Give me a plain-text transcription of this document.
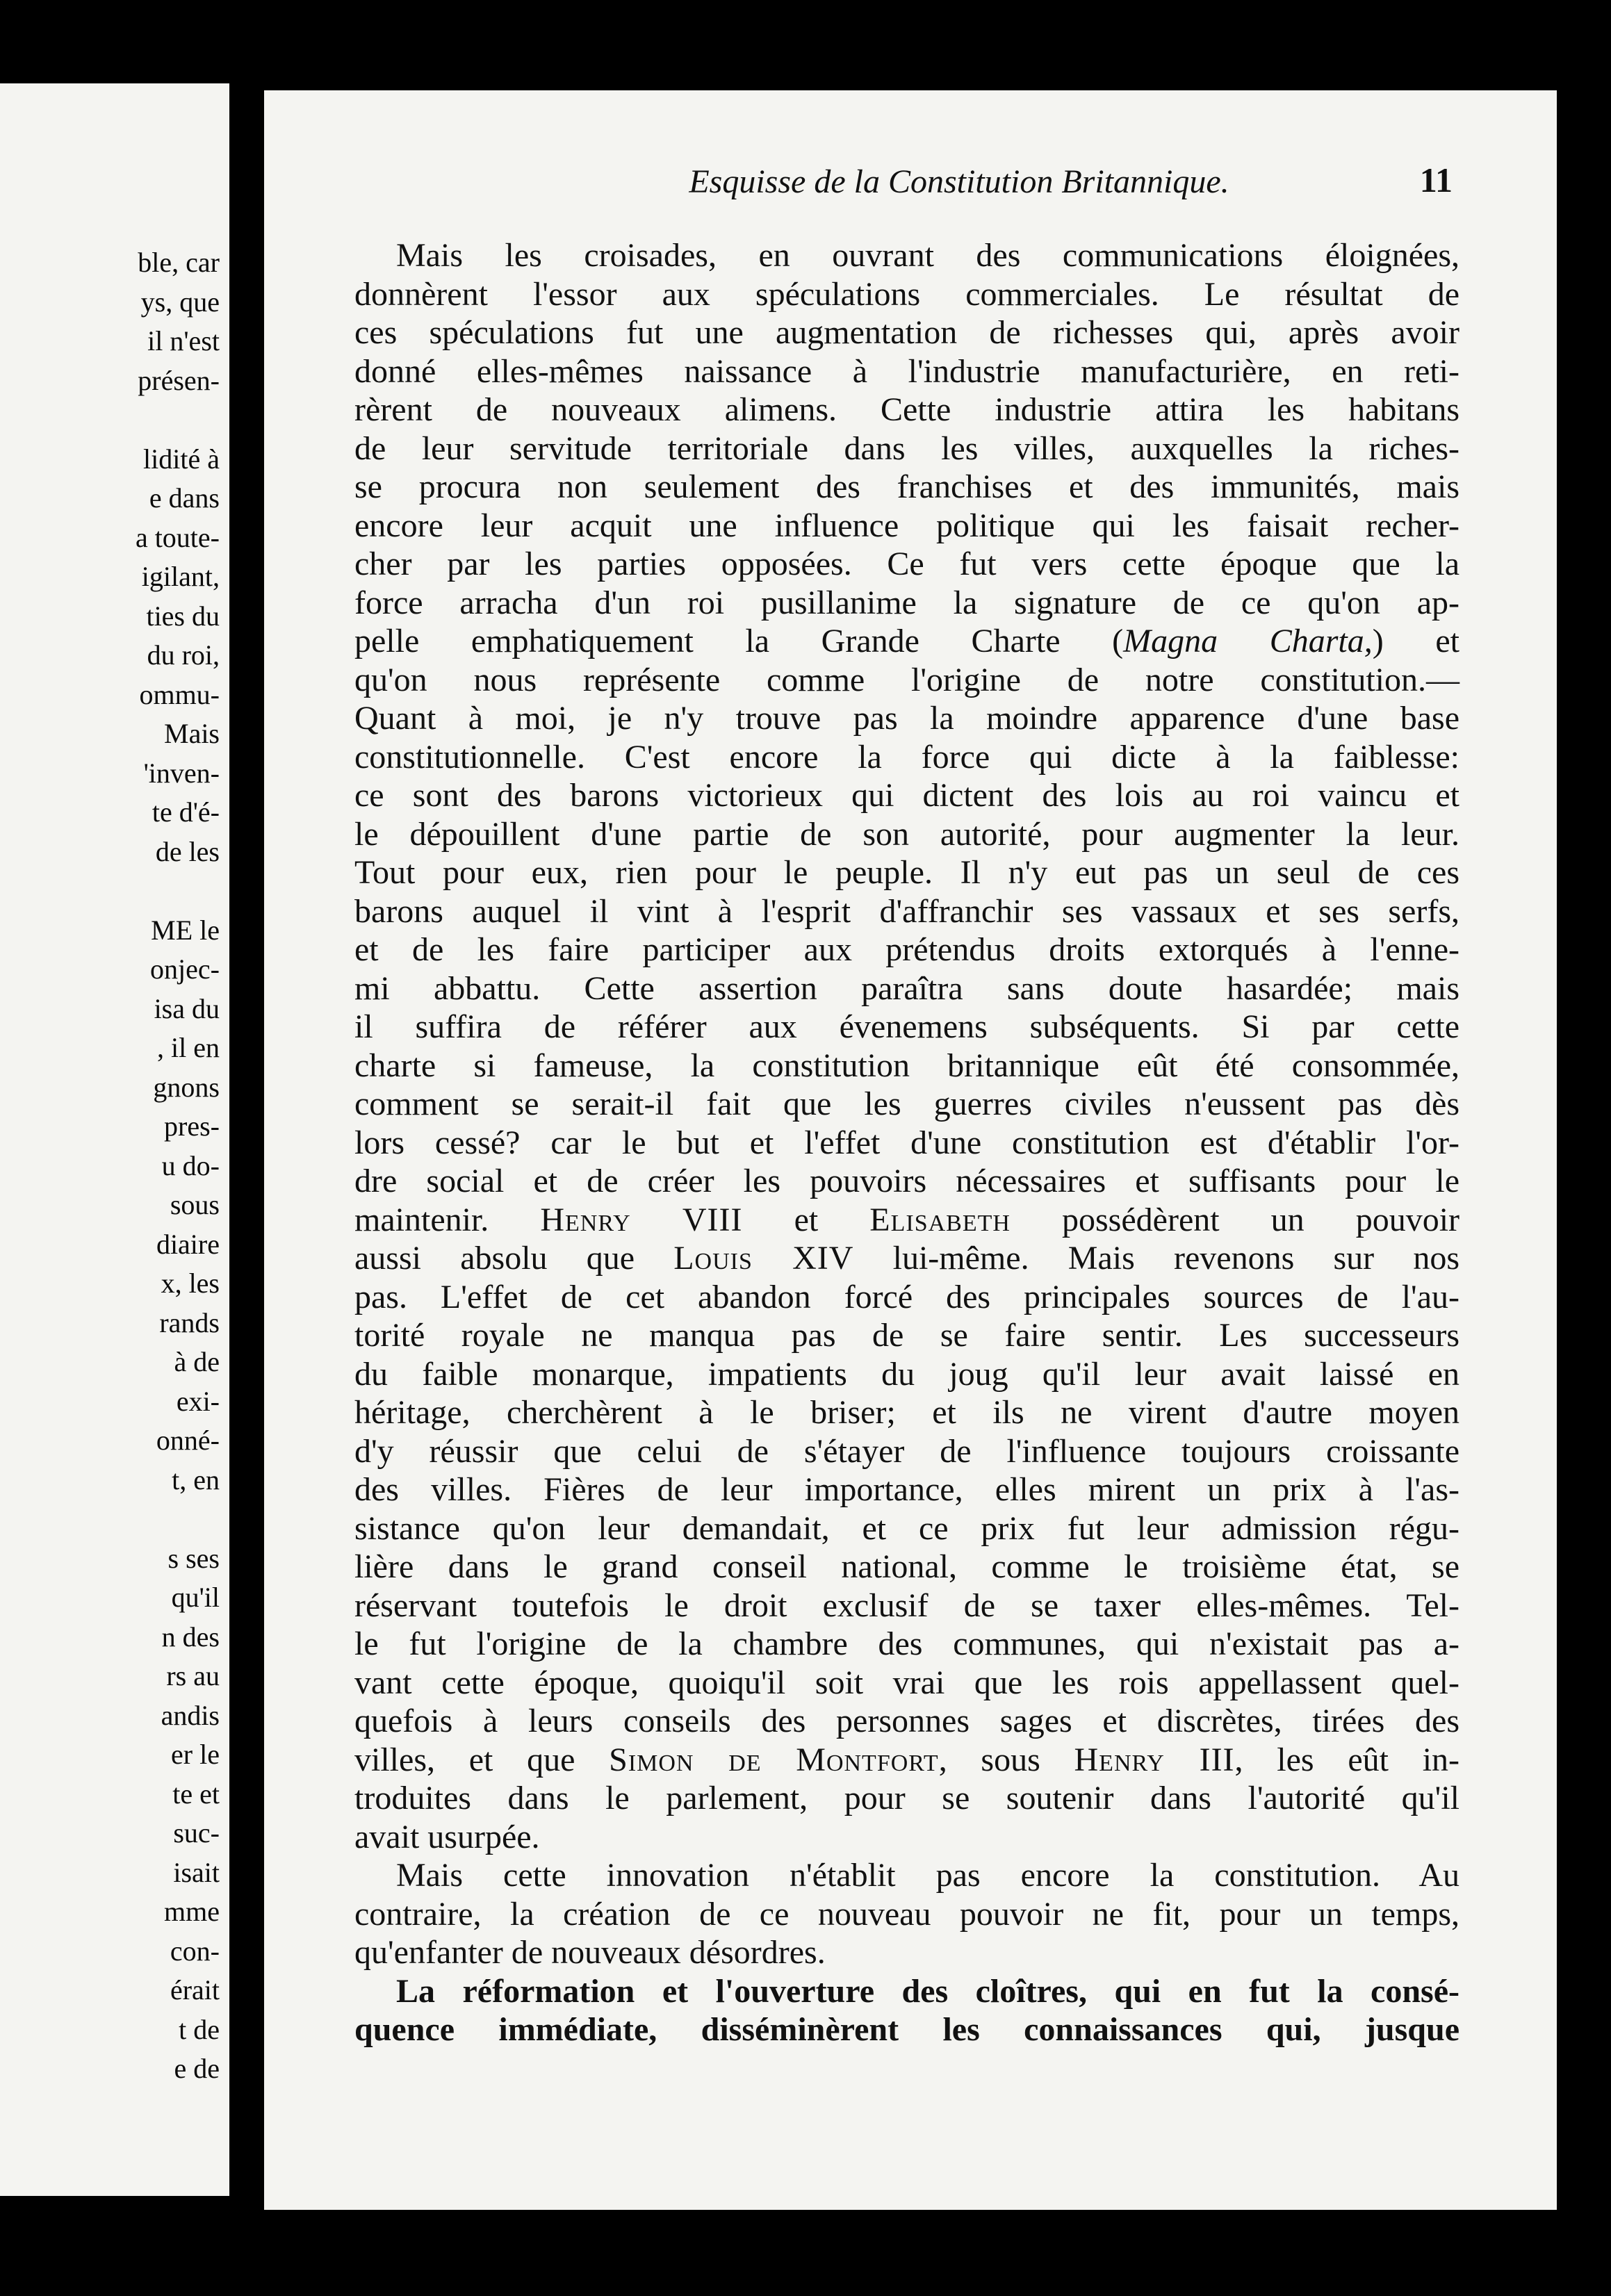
ble, car
ys, que
il n'est
présen-
lidité à
e dans
a toute-
igilant,
ties du
du roi,
ommu-
Mais
'inven-
te d'é-
de les
ME le
onjec-
isa du
, il en
gnons
pres-
u do-
sous
diaire
x, les
rands
à de
exi-
onné-
t, en
s ses
qu'il
n des
rs au
andis
er le
te et
suc-
isait
mme
con-
érait
t de
e de
Esquisse de la Constitution Britannique.	11
Mais les croisades, en ouvrant des communications éloignées,
donnèrent l'essor aux spéculations commerciales. Le résultat de
ces spéculations fut une augmentation de richesses qui, après avoir
donné elles-mêmes naissance à l'industrie manufacturière, en reti-
rèrent de nouveaux alimens. Cette industrie attira les habitans
de leur servitude territoriale dans les villes, auxquelles la riches-
se procura non seulement des franchises et des immunités, mais
encore leur acquit une influence politique qui les faisait recher-
cher par les parties opposées. Ce fut vers cette époque que la
force arracha d'un roi pusillanime la signature de ce qu'on ap-
pelle emphatiquement la Grande Charte (Magna Charta,) et
qu'on nous représente comme l'origine de notre constitution.—
Quant à moi, je n'y trouve pas la moindre apparence d'une base
constitutionnelle. C'est encore la force qui dicte à la faiblesse:
ce sont des barons victorieux qui dictent des lois au roi vaincu et
le dépouillent d'une partie de son autorité, pour augmenter la leur.
Tout pour eux, rien pour le peuple. Il n'y eut pas un seul de ces
barons auquel il vint à l'esprit d'affranchir ses vassaux et ses serfs,
et de les faire participer aux prétendus droits extorqués à l'enne-
mi abbattu. Cette assertion paraîtra sans doute hasardée; mais
il suffira de référer aux évenemens subséquents. Si par cette
charte si fameuse, la constitution britannique eût été consommée,
comment se serait-il fait que les guerres civiles n'eussent pas dès
lors cessé? car le but et l'effet d'une constitution est d'établir l'or-
dre social et de créer les pouvoirs nécessaires et suffisants pour le
maintenir. Henry VIII et Elisabeth possédèrent un pouvoir
aussi absolu que Louis XIV lui-même. Mais revenons sur nos
pas. L'effet de cet abandon forcé des principales sources de l'au-
torité royale ne manqua pas de se faire sentir. Les successeurs
du faible monarque, impatients du joug qu'il leur avait laissé en
héritage, cherchèrent à le briser; et ils ne virent d'autre moyen
d'y réussir que celui de s'étayer de l'influence toujours croissante
des villes. Fières de leur importance, elles mirent un prix à l'as-
sistance qu'on leur demandait, et ce prix fut leur admission régu-
lière dans le grand conseil national, comme le troisième état, se
réservant toutefois le droit exclusif de se taxer elles-mêmes. Tel-
le fut l'origine de la chambre des communes, qui n'existait pas a-
vant cette époque, quoiqu'il soit vrai que les rois appellassent quel-
quefois à leurs conseils des personnes sages et discrètes, tirées des
villes, et que Simon de Montfort, sous Henry III, les eût in-
troduites dans le parlement, pour se soutenir dans l'autorité qu'il
avait usurpée.
Mais cette innovation n'établit pas encore la constitution. Au
contraire, la création de ce nouveau pouvoir ne fit, pour un temps,
qu'enfanter de nouveaux désordres.
La réformation et l'ouverture des cloîtres, qui en fut la consé-
quence immédiate, disséminèrent les connaissances qui, jusque
